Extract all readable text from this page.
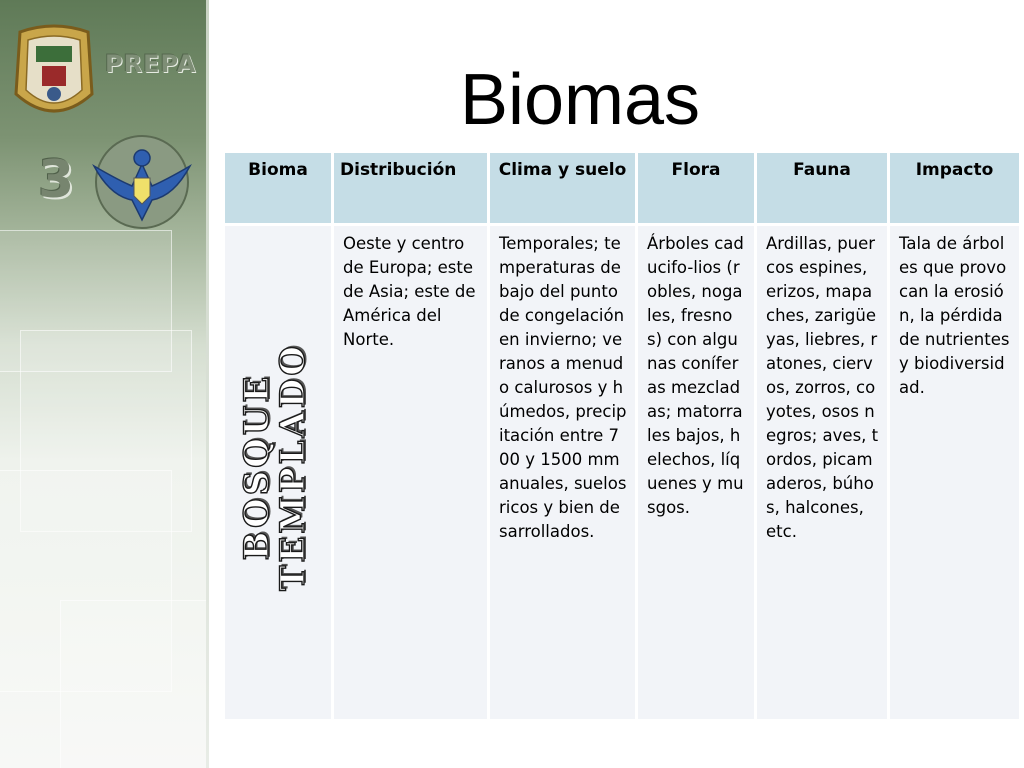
PREPA
3
Biomas
Bioma	Distribución	Clima y suelo	Flora	Fauna	Impacto

BOSQUE
TEMPLADO	Oeste y centro de Europa; este de Asia; este de América del Norte.	Temporales; temperaturas debajo del punto de congelación en invierno; veranos a menudo calurosos y húmedos, precipitación entre 700 y 1500 mm anuales, suelos ricos y bien desarrollados.	Árboles caducifo-lios (robles, nogales, fresnos) con algunas coníferas mezcladas; matorrales bajos, helechos, líquenes y musgos.	Ardillas, puercos espines, erizos, mapaches, zarigüeyas, liebres, ratones, ciervos, zorros, coyotes, osos negros; aves, tordos, picamaderos, búhos, halcones, etc.	Tala de árboles que provocan la erosión, la pérdida de nutrientes y biodiversidad.
